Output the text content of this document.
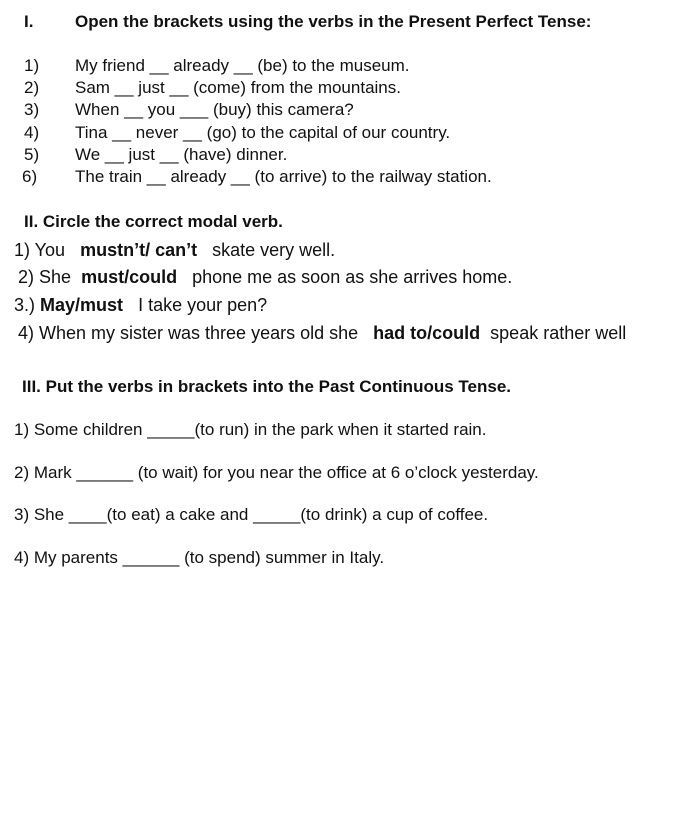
I. Open the brackets using the verbs in the Present Perfect Tense:
1)	My friend __ already __ (be) to the museum.
2)	Sam __ just __ (come) from the mountains.
3)	When __ you ___ (buy) this camera?
4)	Tina __ never __ (go) to the capital of our country.
5)	We __ just __ (have) dinner.
6)	The train __ already __ (to arrive) to the railway station.
II. Circle the correct modal verb.
1) You mustn’t/ can’t skate very well.
2) She must/could phone me as soon as she arrives home.
3.) May/must I take your pen?
4) When my sister was three years old she had to/could speak rather well
III. Put the verbs in brackets into the Past Continuous Tense.
1) Some children _____(to run) in the park when it started rain.
2) Mark ______ (to wait) for you near the office at 6 o’clock yesterday.
3) She ____(to eat) a cake and _____(to drink) a cup of coffee.
4) My parents ______ (to spend) summer in Italy.
